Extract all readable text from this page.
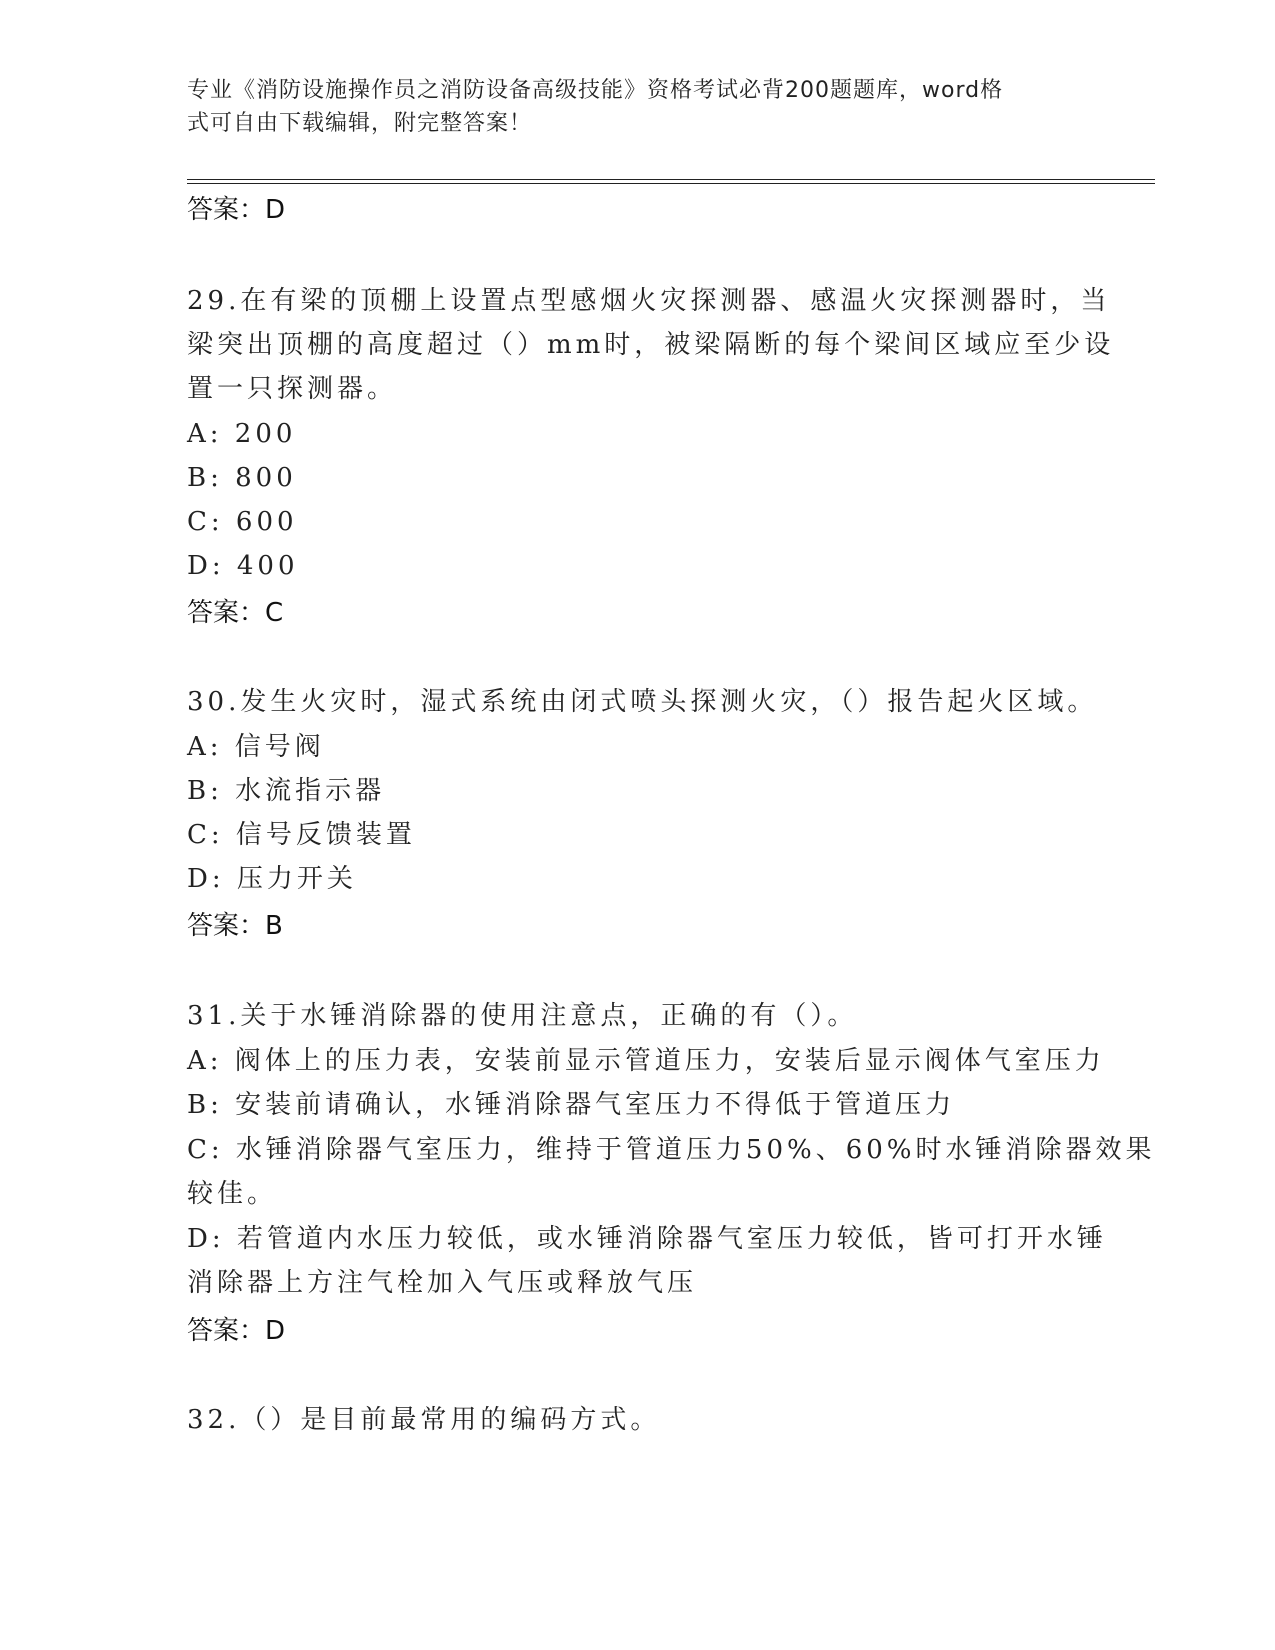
专业《消防设施操作员之消防设备高级技能》资格考试必背200题题库，word格
式可自由下载编辑，附完整答案！
答案：D
29.在有梁的顶棚上设置点型感烟火灾探测器、感温火灾探测器时，当
梁突出顶棚的高度超过（）mm时，被梁隔断的每个梁间区域应至少设
置一只探测器。
A: 200
B: 800
C: 600
D: 400
答案：C
30.发生火灾时，湿式系统由闭式喷头探测火灾，（）报告起火区域。
A: 信号阀
B: 水流指示器
C: 信号反馈装置
D: 压力开关
答案：B
31.关于水锤消除器的使用注意点，正确的有（）。
A: 阀体上的压力表，安装前显示管道压力，安装后显示阀体气室压力
B: 安装前请确认，水锤消除器气室压力不得低于管道压力
C: 水锤消除器气室压力，维持于管道压力50%、60%时水锤消除器效果
较佳。
D: 若管道内水压力较低，或水锤消除器气室压力较低，皆可打开水锤
消除器上方注气栓加入气压或释放气压
答案：D
32.（）是目前最常用的编码方式。
